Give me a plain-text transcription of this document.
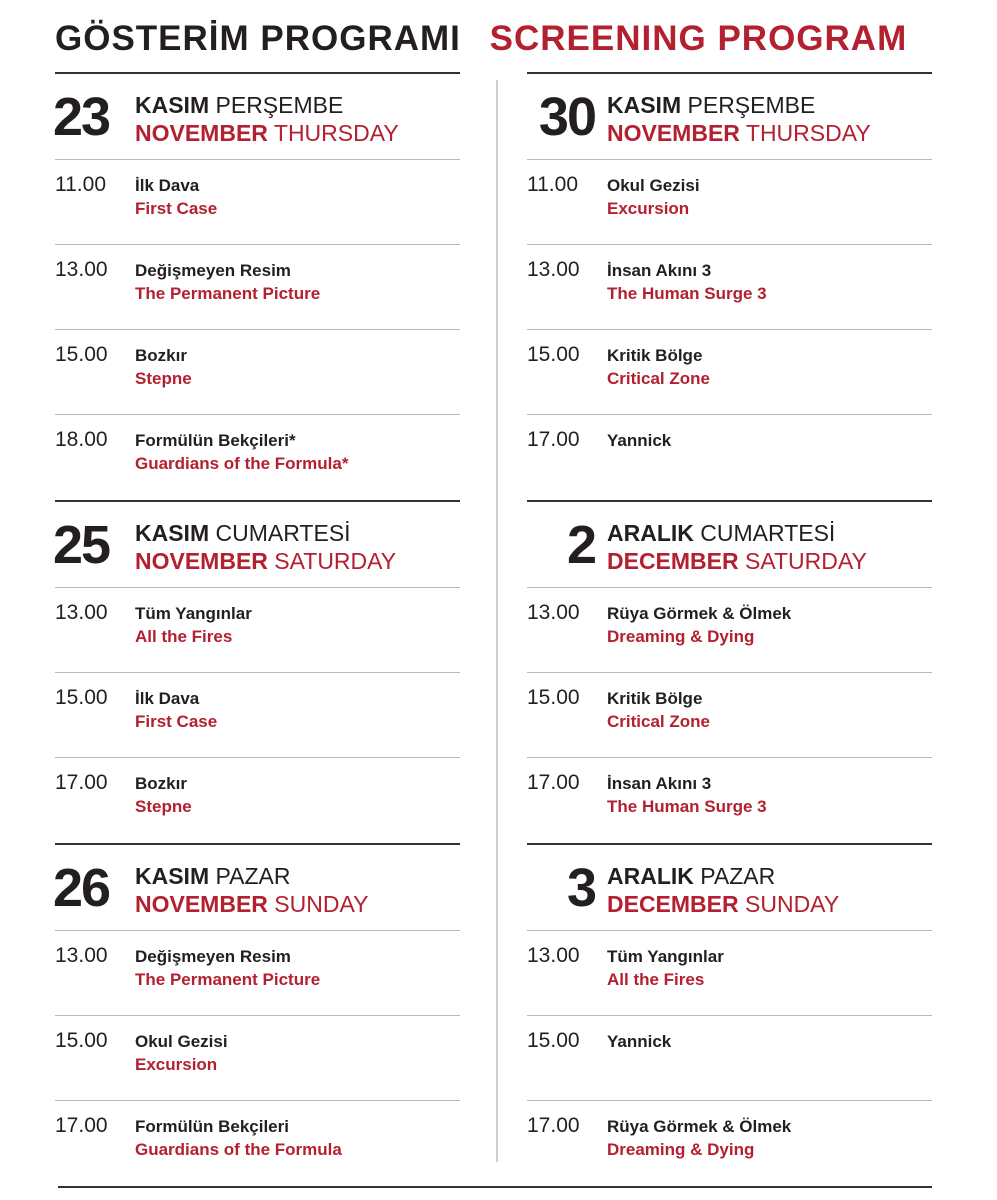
GÖSTERİM PROGRAMI SCREENING PROGRAM
23	KASIM PERŞEMBE
NOVEMBER THURSDAY
11.00 İlk Dava
First Case
13.00 Değişmeyen Resim
The Permanent Picture
15.00 Bozkır
Stepne
18.00 Formülün Bekçileri*
Guardians of the Formula*
25	KASIM CUMARTESİ
NOVEMBER SATURDAY
13.00 Tüm Yangınlar
All the Fires
15.00 İlk Dava
First Case
17.00 Bozkır
Stepne
26	KASIM PAZAR
NOVEMBER SUNDAY
13.00 Değişmeyen Resim
The Permanent Picture
15.00 Okul Gezisi
Excursion
17.00 Formülün Bekçileri
Guardians of the Formula
30 KASIM PERŞEMBE
NOVEMBER THURSDAY
11.00 Okul Gezisi
Excursion
13.00 İnsan Akını 3
The Human Surge 3
15.00 Kritik Bölge
Critical Zone
17.00 Yannick
2 ARALIK CUMARTESİ
DECEMBER SATURDAY
13.00 Rüya Görmek & Ölmek
Dreaming & Dying
15.00 Kritik Bölge
Critical Zone
17.00 İnsan Akını 3
The Human Surge 3
3 ARALIK PAZAR
DECEMBER SUNDAY
13.00 Tüm Yangınlar
All the Fires
15.00 Yannick
17.00 Rüya Görmek & Ölmek
Dreaming & Dying
